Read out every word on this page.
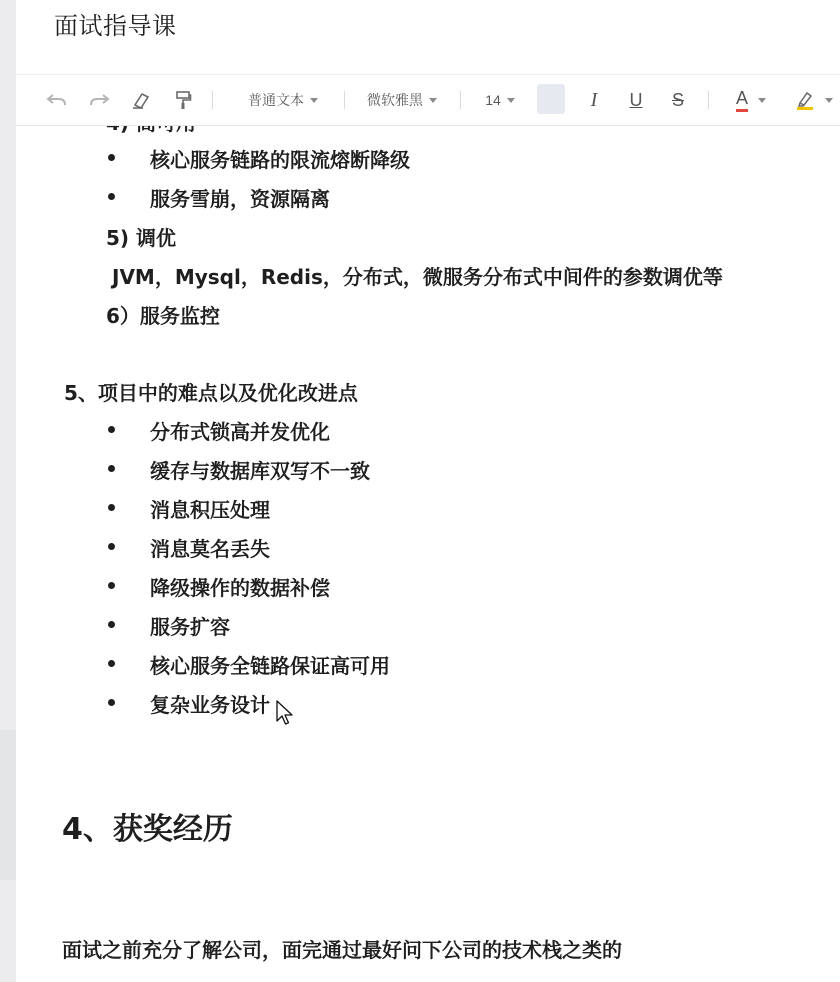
面试指导课
普通文本	微软雅黑	14	I U S	A
核心服务链路的限流熔断降级
服务雪崩，资源隔离
5) 调优
JVM，Mysql，Redis，分布式，微服务分布式中间件的参数调优等
6）服务监控
5、项目中的难点以及优化改进点
分布式锁高并发优化
缓存与数据库双写不一致
消息积压处理
消息莫名丢失
降级操作的数据补偿
服务扩容
核心服务全链路保证高可用
复杂业务设计
4、获奖经历
面试之前充分了解公司，面完通过最好问下公司的技术栈之类的
